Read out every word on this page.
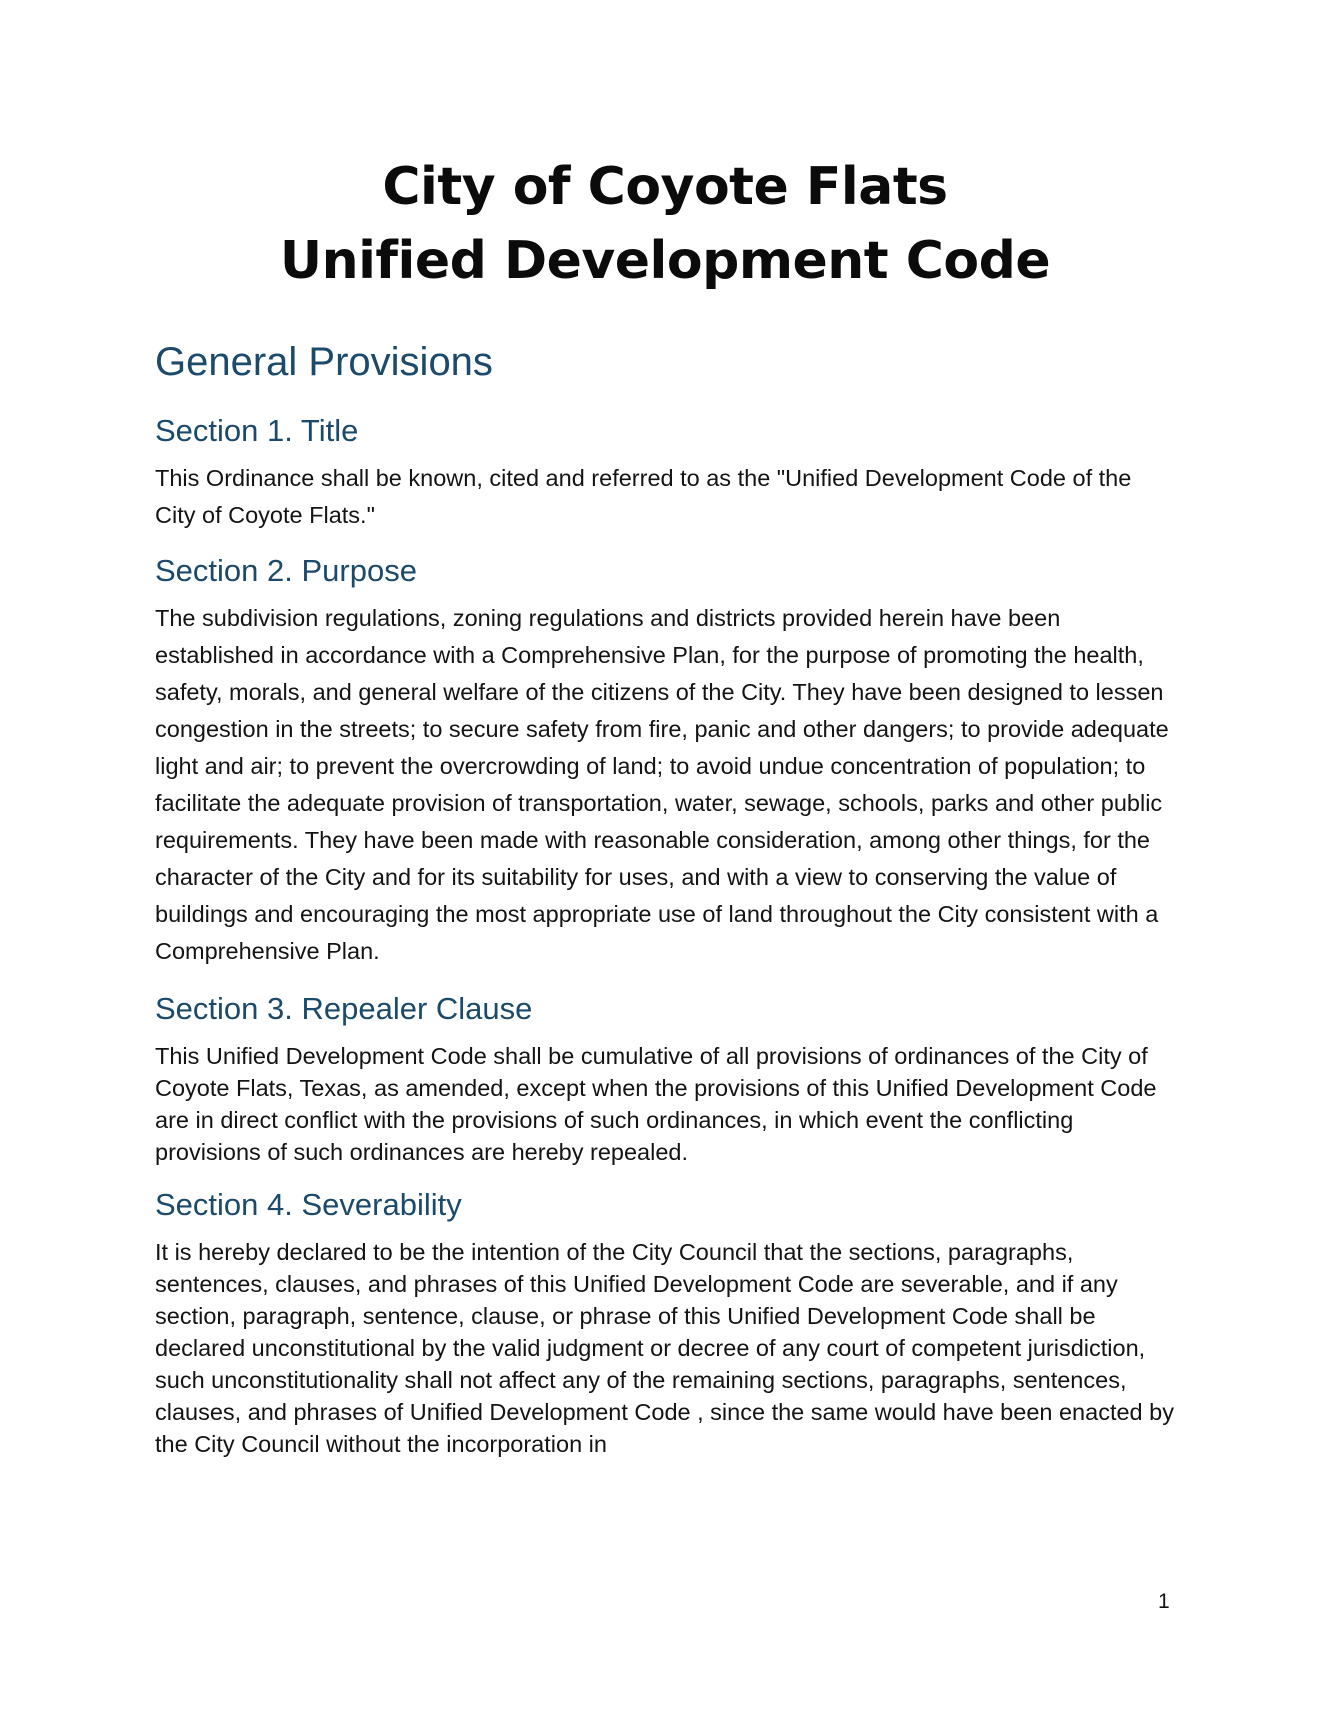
City of Coyote Flats
Unified Development Code
General Provisions
Section 1. Title

This Ordinance shall be known, cited and referred to as the "Unified Development Code of the City of Coyote Flats."

Section 2. Purpose

The subdivision regulations, zoning regulations and districts provided herein have been established in accordance with a Comprehensive Plan, for the purpose of promoting the health, safety, morals, and general welfare of the citizens of the City. They have been designed to lessen congestion in the streets; to secure safety from fire, panic and other dangers; to provide adequate light and air; to prevent the overcrowding of land; to avoid undue concentration of population; to facilitate the adequate provision of transportation, water, sewage, schools, parks and other public requirements. They have been made with reasonable consideration, among other things, for the character of the City and for its suitability for uses, and with a view to conserving the value of buildings and encouraging the most appropriate use of land throughout the City consistent with a Comprehensive Plan.

Section 3. Repealer Clause

This Unified Development Code shall be cumulative of all provisions of ordinances of the City of Coyote Flats, Texas, as amended, except when the provisions of this Unified Development Code are in direct conflict with the provisions of such ordinances, in which event the conflicting provisions of such ordinances are hereby repealed.

Section 4. Severability

It is hereby declared to be the intention of the City Council that the sections, paragraphs, sentences, clauses, and phrases of this Unified Development Code are severable, and if any section, paragraph, sentence, clause, or phrase of this Unified Development Code shall be declared unconstitutional by the valid judgment or decree of any court of competent jurisdiction, such unconstitutionality shall not affect any of the remaining sections, paragraphs, sentences, clauses, and phrases of Unified Development Code , since the same would have been enacted by the City Council without the incorporation in

1
